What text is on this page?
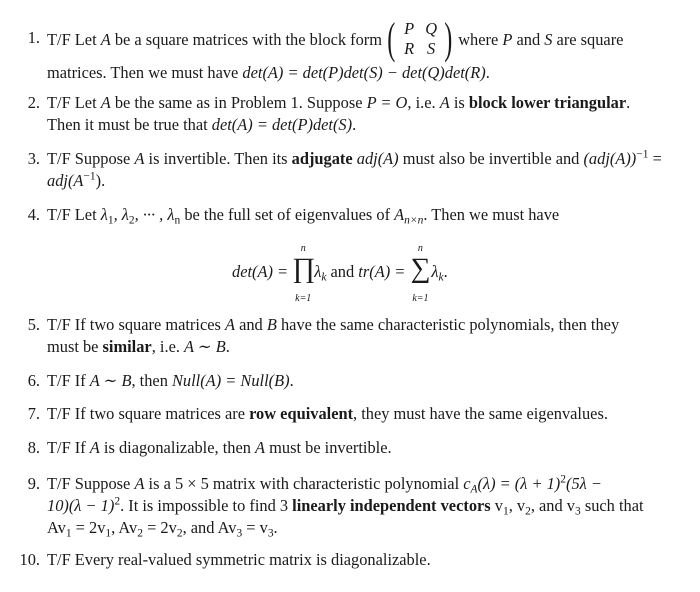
1. T/F Let A be a square matrices with the block form ( P Q
R S ) where P and S are square
matrices. Then we must have det(A) = det(P)det(S) − det(Q)det(R).
2. T/F Let A be the same as in Problem 1. Suppose P = O, i.e. A is block lower triangular.
Then it must be true that det(A) = det(P)det(S).
3. T/F Suppose A is invertible. Then its adjugate adj(A) must also be invertible and $(adj(A))^{-1}$ =
$adj(A^{-1})$.
4. T/F Let $\lambda_1$, $\lambda_2$, ··· , $\lambda_n$ be the full set of eigenvalues of $A_{n\times n}$. Then we must have
det(A) =
n
∏
k=1
$\lambda_k$ and tr(A) =
n
∑
k=1
$\lambda_k$.
5. T/F If two square matrices A and B have the same characteristic polynomials, then they
must be similar, i.e. A ∼ B.
6. T/F If A ∼ B, then Null(A) = Null(B).
7. T/F If two square matrices are row equivalent, they must have the same eigenvalues.
8. T/F If A is diagonalizable, then A must be invertible.
9. T/F Suppose A is a 5 × 5 matrix with characteristic polynomial $c_A(\lambda) = (\lambda + 1)^2(5\lambda$ −
$10)(\lambda - 1)^2$. It is impossible to find 3 linearly independent vectors $v_1$, $v_2$, and $v_3$ such that
$Av_1 = 2v_1$, $Av_2 = 2v_2$, and $Av_3 = v_3$.
10. T/F Every real-valued symmetric matrix is diagonalizable.
